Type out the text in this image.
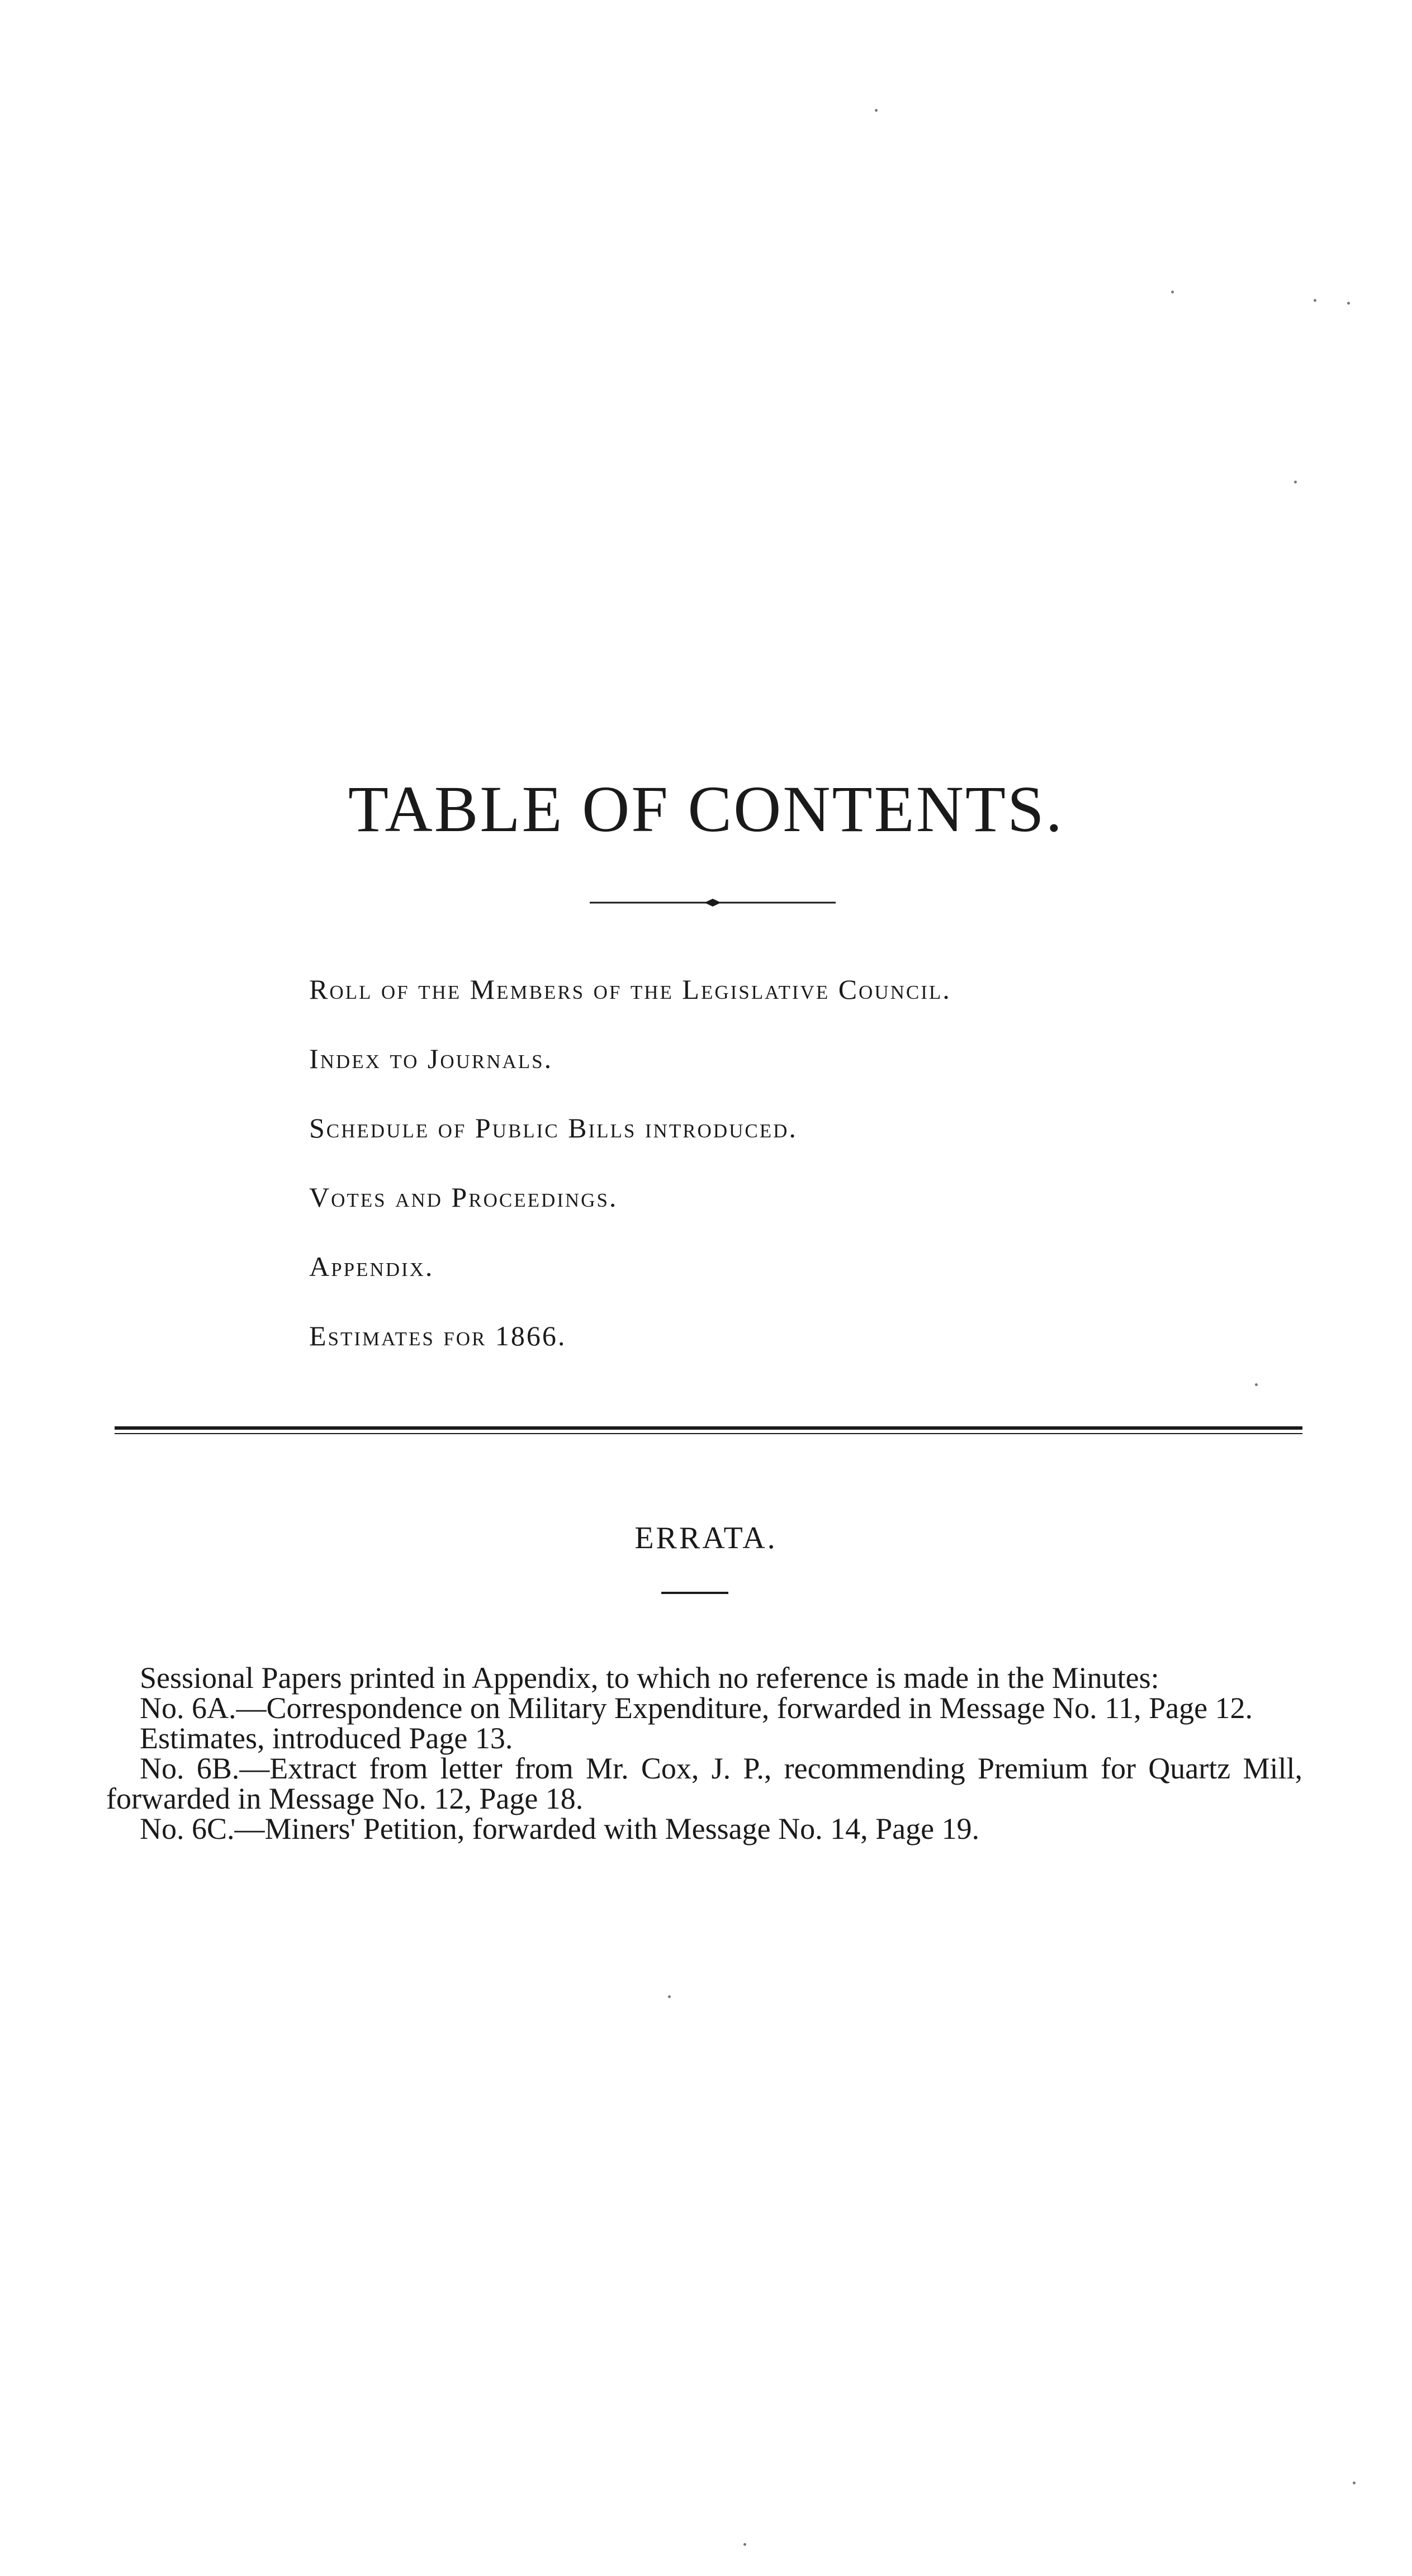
TABLE OF CONTENTS.
Roll of the Members of the Legislative Council.
Index to Journals.
Schedule of Public Bills introduced.
Votes and Proceedings.
Appendix.
Estimates for 1866.
ERRATA.

Sessional Papers printed in Appendix, to which no reference is made in the Minutes:

No. 6A.—Correspondence on Military Expenditure, forwarded in Message No. 11, Page 12.

Estimates, introduced Page 13.

No. 6B.—Extract from letter from Mr. Cox, J. P., recommending Premium for Quartz Mill, forwarded in Message No. 12, Page 18.

No. 6C.—Miners' Petition, forwarded with Message No. 14, Page 19.
